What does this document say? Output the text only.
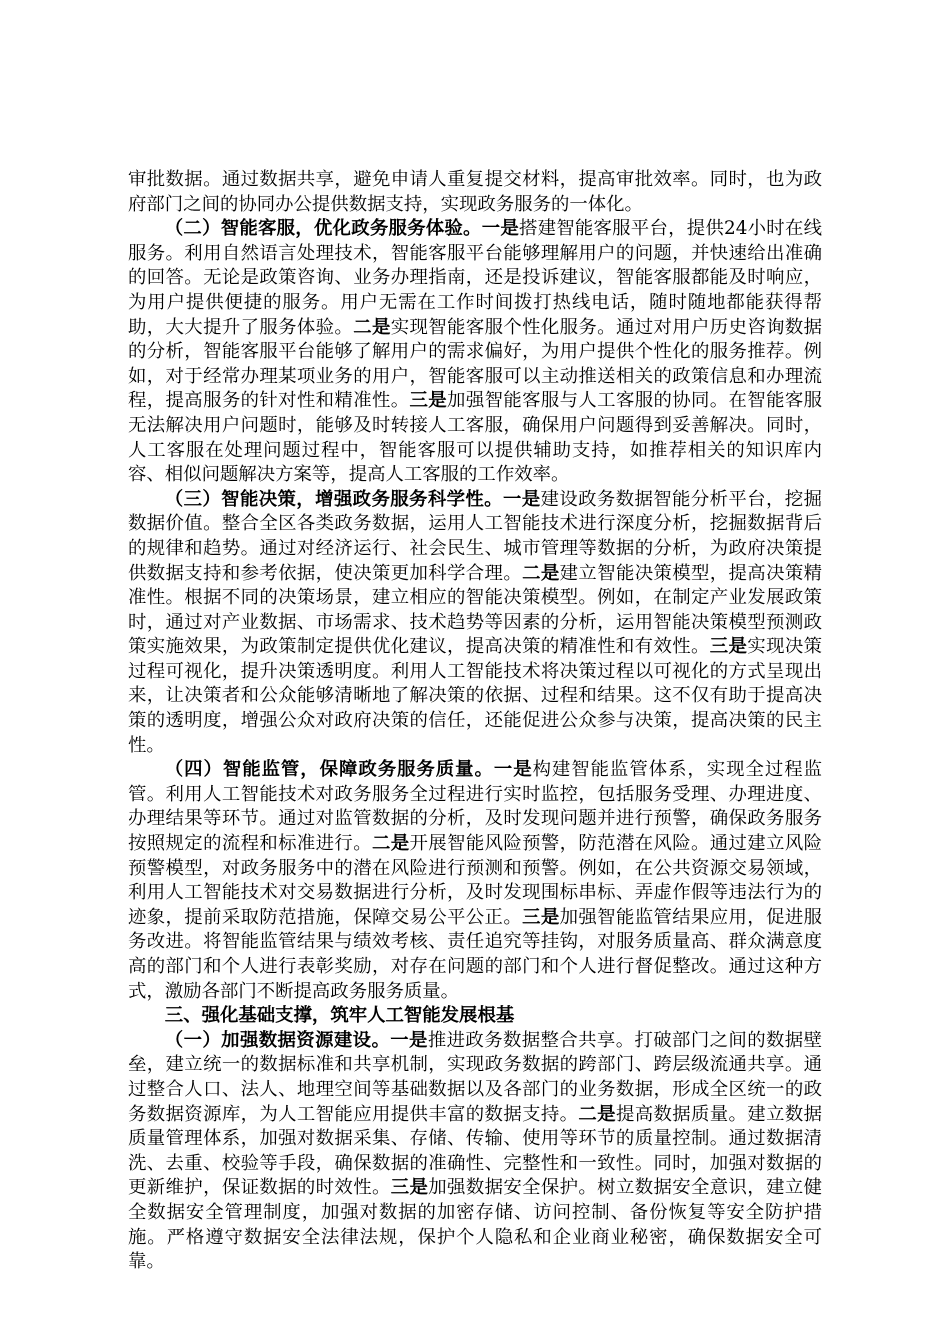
审批数据。通过数据共享，避免申请人重复提交材料，提高审批效率。同时，也为政府部门之间的协同办公提供数据支持，实现政务服务的一体化。

（二）智能客服，优化政务服务体验。一是搭建智能客服平台，提供24小时在线服务。利用自然语言处理技术，智能客服平台能够理解用户的问题，并快速给出准确的回答。无论是政策咨询、业务办理指南，还是投诉建议，智能客服都能及时响应，为用户提供便捷的服务。用户无需在工作时间拨打热线电话，随时随地都能获得帮助，大大提升了服务体验。二是实现智能客服个性化服务。通过对用户历史咨询数据的分析，智能客服平台能够了解用户的需求偏好，为用户提供个性化的服务推荐。例如，对于经常办理某项业务的用户，智能客服可以主动推送相关的政策信息和办理流程，提高服务的针对性和精准性。三是加强智能客服与人工客服的协同。在智能客服无法解决用户问题时，能够及时转接人工客服，确保用户问题得到妥善解决。同时，人工客服在处理问题过程中，智能客服可以提供辅助支持，如推荐相关的知识库内容、相似问题解决方案等，提高人工客服的工作效率。

（三）智能决策，增强政务服务科学性。一是建设政务数据智能分析平台，挖掘数据价值。整合全区各类政务数据，运用人工智能技术进行深度分析，挖掘数据背后的规律和趋势。通过对经济运行、社会民生、城市管理等数据的分析，为政府决策提供数据支持和参考依据，使决策更加科学合理。二是建立智能决策模型，提高决策精准性。根据不同的决策场景，建立相应的智能决策模型。例如，在制定产业发展政策时，通过对产业数据、市场需求、技术趋势等因素的分析，运用智能决策模型预测政策实施效果，为政策制定提供优化建议，提高决策的精准性和有效性。三是实现决策过程可视化，提升决策透明度。利用人工智能技术将决策过程以可视化的方式呈现出来，让决策者和公众能够清晰地了解决策的依据、过程和结果。这不仅有助于提高决策的透明度，增强公众对政府决策的信任，还能促进公众参与决策，提高决策的民主性。

（四）智能监管，保障政务服务质量。一是构建智能监管体系，实现全过程监管。利用人工智能技术对政务服务全过程进行实时监控，包括服务受理、办理进度、办理结果等环节。通过对监管数据的分析，及时发现问题并进行预警，确保政务服务按照规定的流程和标准进行。二是开展智能风险预警，防范潜在风险。通过建立风险预警模型，对政务服务中的潜在风险进行预测和预警。例如，在公共资源交易领域，利用人工智能技术对交易数据进行分析，及时发现围标串标、弄虚作假等违法行为的迹象，提前采取防范措施，保障交易公平公正。三是加强智能监管结果应用，促进服务改进。将智能监管结果与绩效考核、责任追究等挂钩，对服务质量高、群众满意度高的部门和个人进行表彰奖励，对存在问题的部门和个人进行督促整改。通过这种方式，激励各部门不断提高政务服务质量。

三、强化基础支撑，筑牢人工智能发展根基

（一）加强数据资源建设。一是推进政务数据整合共享。打破部门之间的数据壁垒，建立统一的数据标准和共享机制，实现政务数据的跨部门、跨层级流通共享。通过整合人口、法人、地理空间等基础数据以及各部门的业务数据，形成全区统一的政务数据资源库，为人工智能应用提供丰富的数据支持。二是提高数据质量。建立数据质量管理体系，加强对数据采集、存储、传输、使用等环节的质量控制。通过数据清洗、去重、校验等手段，确保数据的准确性、完整性和一致性。同时，加强对数据的更新维护，保证数据的时效性。三是加强数据安全保护。树立数据安全意识，建立健全数据安全管理制度，加强对数据的加密存储、访问控制、备份恢复等安全防护措施。严格遵守数据安全法律法规，保护个人隐私和企业商业秘密，确保数据安全可靠。
